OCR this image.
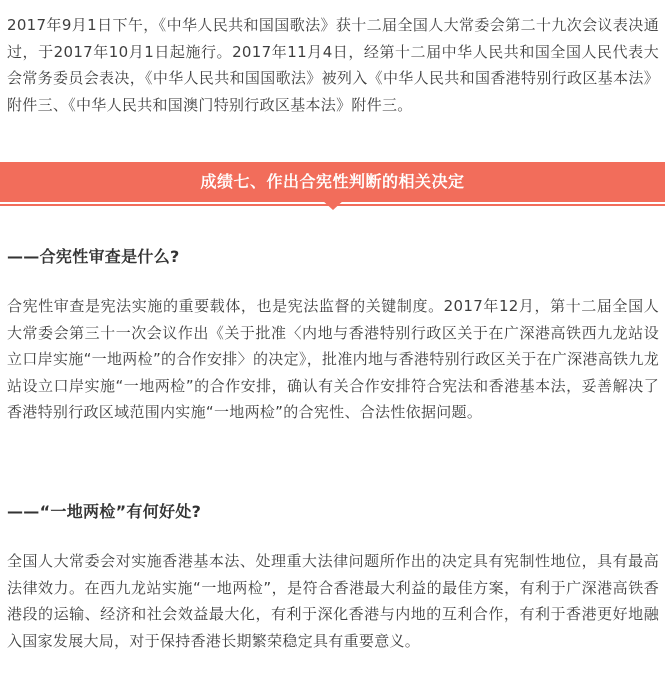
2017年9月1日下午，《中华人民共和国国歌法》获十二届全国人大常委会第二十九次会议表决通过，于2017年10月1日起施行。2017年11月4日，经第十二届中华人民共和国全国人民代表大会常务委员会表决，《中华人民共和国国歌法》被列入《中华人民共和国香港特别行政区基本法》附件三、《中华人民共和国澳门特别行政区基本法》附件三。

成绩七、作出合宪性判断的相关决定
——合宪性审查是什么?

合宪性审查是宪法实施的重要载体，也是宪法监督的关键制度。2017年12月，第十二届全国人大常委会第三十一次会议作出《关于批准〈内地与香港特别行政区关于在广深港高铁西九龙站设立口岸实施“一地两检”的合作安排〉的决定》，批准内地与香港特别行政区关于在广深港高铁九龙站设立口岸实施“一地两检”的合作安排，确认有关合作安排符合宪法和香港基本法，妥善解决了香港特别行政区域范围内实施“一地两检”的合宪性、合法性依据问题。

——“一地两检”有何好处?

全国人大常委会对实施香港基本法、处理重大法律问题所作出的决定具有宪制性地位，具有最高法律效力。在西九龙站实施“一地两检”，是符合香港最大利益的最佳方案，有利于广深港高铁香港段的运输、经济和社会效益最大化，有利于深化香港与内地的互利合作，有利于香港更好地融入国家发展大局，对于保持香港长期繁荣稳定具有重要意义。
